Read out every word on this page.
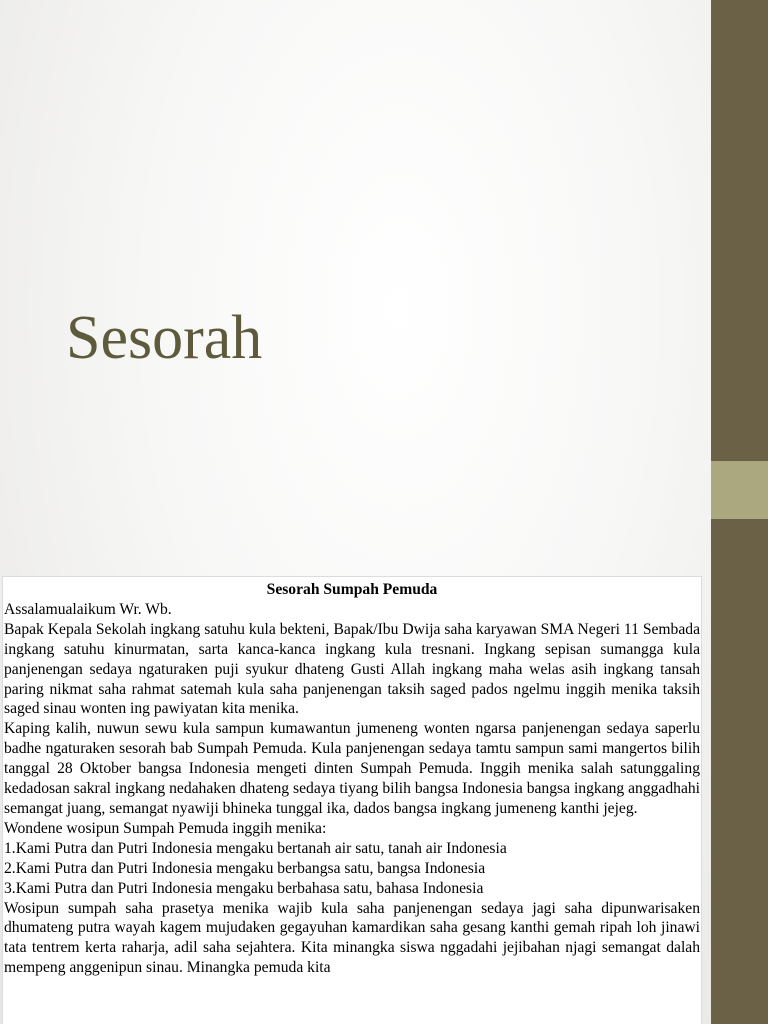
Sesorah
Sesorah Sumpah Pemuda

Assalamualaikum Wr. Wb.

Bapak Kepala Sekolah ingkang satuhu kula bekteni, Bapak/Ibu Dwija saha karyawan SMA Negeri 11 Sembada ingkang satuhu kinurmatan, sarta kanca-kanca ingkang kula tresnani. Ingkang sepisan sumangga kula panjenengan sedaya ngaturaken puji syukur dhateng Gusti Allah ingkang maha welas asih ingkang tansah paring nikmat saha rahmat satemah kula saha panjenengan taksih saged pados ngelmu inggih menika taksih saged sinau wonten ing pawiyatan kita menika.

Kaping kalih, nuwun sewu kula sampun kumawantun jumeneng wonten ngarsa panjenengan sedaya saperlu badhe ngaturaken sesorah bab Sumpah Pemuda. Kula panjenengan sedaya tamtu sampun sami mangertos bilih tanggal 28 Oktober bangsa Indonesia mengeti dinten Sumpah Pemuda. Inggih menika salah satunggaling kedadosan sakral ingkang nedahaken dhateng sedaya tiyang bilih bangsa Indonesia bangsa ingkang anggadhahi semangat juang, semangat nyawiji bhineka tunggal ika, dados bangsa ingkang jumeneng kanthi jejeg.

Wondene wosipun Sumpah Pemuda inggih menika:

1.Kami Putra dan Putri Indonesia mengaku bertanah air satu, tanah air Indonesia

2.Kami Putra dan Putri Indonesia mengaku berbangsa satu, bangsa Indonesia

3.Kami Putra dan Putri Indonesia mengaku berbahasa satu, bahasa Indonesia

Wosipun sumpah saha prasetya menika wajib kula saha panjenengan sedaya jagi saha dipunwarisaken dhumateng putra wayah kagem mujudaken gegayuhan kamardikan saha gesang kanthi gemah ripah loh jinawi tata tentrem kerta raharja, adil saha sejahtera. Kita minangka siswa nggadahi jejibahan njagi semangat dalah mempeng anggenipun sinau. Minangka pemuda kita
